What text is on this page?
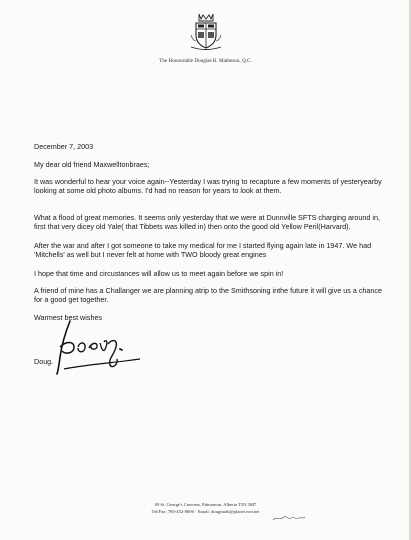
The Honourable Douglas R. Matheson, Q.C.
December 7, 2003
My dear old friend Maxwelltonbraes;
It was wonderful to hear your voice again--Yesterday I was trying to recapture a few moments of yesteryearby looking at some old photo albums. I'd had no reason for years to look at them.
What a flood of great memories. It seems only yesterday that we were at Dunnville SFTS charging around in, first that very dicey old Yale( that Tibbets was killed in) then onto the good old Yellow Peril(Harvard).
After the war and after I got someone to take my medical for me I started flying again late in 1947. We had 'Mitchells' as well but I never felt at home with TWO bloody great engines
I hope that time and circustances will allow us to meet again before we spin in!
A friend of mine has a Challanger we are planning atrip to the Smithsoning inthe future it will give us a chance for a good get together.
Warmest best wishes
Doug.
69 St. George's Crescent, Edmonton, Alberta T5N 3M7
Tel/Fax: 780-452-8006 · Email: dougmath@planet.eon.net
